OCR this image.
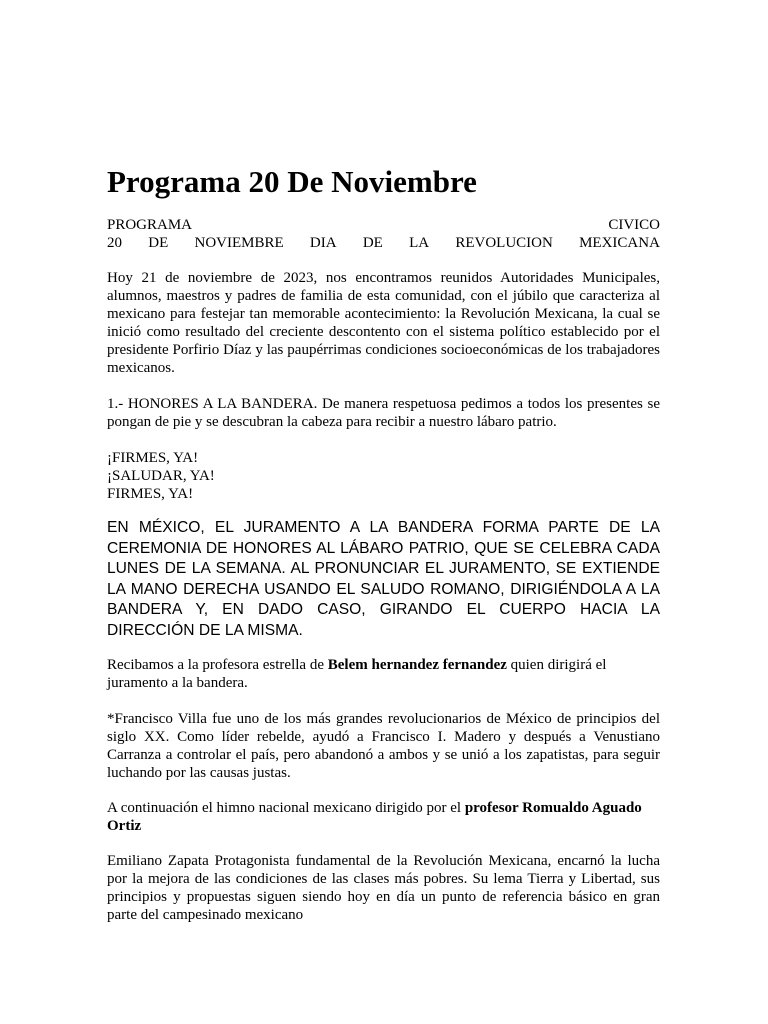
Programa 20 De Noviembre
PROGRAMA	CIVICO
20 DE NOVIEMBRE DIA DE LA REVOLUCION MEXICANA

Hoy 21 de noviembre de 2023, nos encontramos reunidos Autoridades Municipales, alumnos, maestros y padres de familia de esta comunidad, con el júbilo que caracteriza al mexicano para festejar tan memorable acontecimiento: la Revolución Mexicana, la cual se inició como resultado del creciente descontento con el sistema político establecido por el presidente Porfirio Díaz y las paupérrimas condiciones socioeconómicas de los trabajadores mexicanos.

1.- HONORES A LA BANDERA. De manera respetuosa pedimos a todos los presentes se pongan de pie y se descubran la cabeza para recibir a nuestro lábaro patrio.

¡FIRMES, YA!
¡SALUDAR, YA!
FIRMES, YA!

EN MÉXICO, EL JURAMENTO A LA BANDERA FORMA PARTE DE LA CEREMONIA DE HONORES AL LÁBARO PATRIO, QUE SE CELEBRA CADA LUNES DE LA SEMANA. AL PRONUNCIAR EL JURAMENTO, SE EXTIENDE LA MANO DERECHA USANDO EL SALUDO ROMANO, DIRIGIÉNDOLA A LA BANDERA Y, EN DADO CASO, GIRANDO EL CUERPO HACIA LA DIRECCIÓN DE LA MISMA.

Recibamos a la profesora estrella de Belem hernandez fernandez quien dirigirá el juramento a la bandera.

*Francisco Villa fue uno de los más grandes revolucionarios de México de principios del siglo XX. Como líder rebelde, ayudó a Francisco I. Madero y después a Venustiano Carranza a controlar el país, pero abandonó a ambos y se unió a los zapatistas, para seguir luchando por las causas justas.

A continuación el himno nacional mexicano dirigido por el profesor Romualdo Aguado Ortiz

Emiliano Zapata Protagonista fundamental de la Revolución Mexicana, encarnó la lucha por la mejora de las condiciones de las clases más pobres. Su lema Tierra y Libertad, sus principios y propuestas siguen siendo hoy en día un punto de referencia básico en gran parte del campesinado mexicano
